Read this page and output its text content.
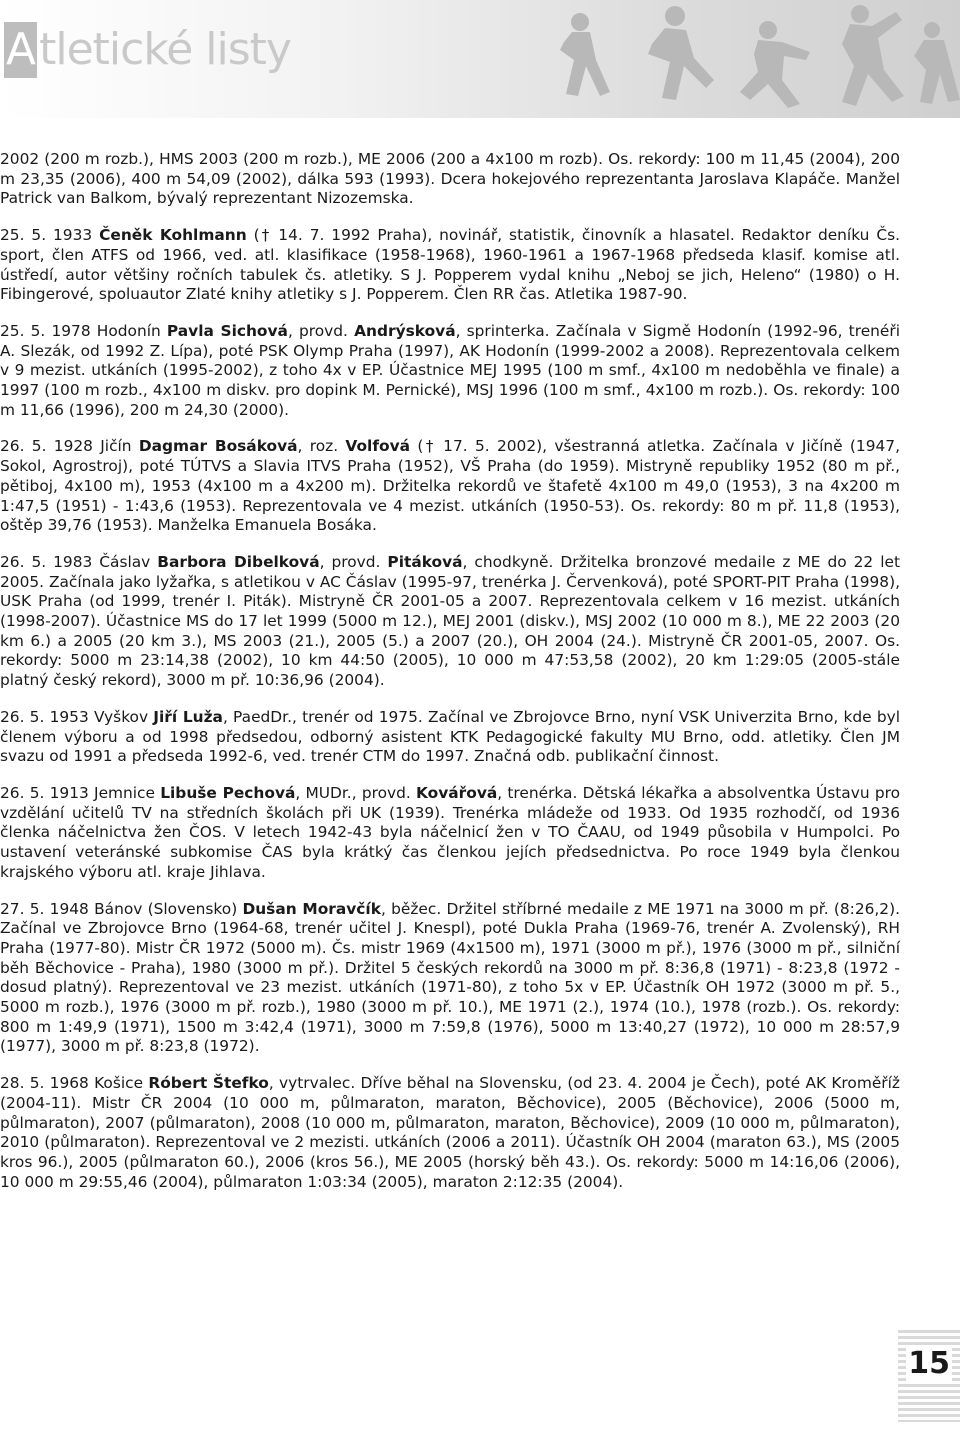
Atletické listy

2002 (200 m rozb.), HMS 2003 (200 m rozb.), ME 2006 (200 a 4x100 m rozb). Os. rekordy: 100 m 11,45 (2004), 200 m 23,35 (2006), 400 m 54,09 (2002), dálka 593 (1993). Dcera hokejového reprezentanta Jaroslava Klapáče. Manžel Patrick van Balkom, bývalý reprezentant Nizozemska.

25. 5. 1933 Čeněk Kohlmann († 14. 7. 1992 Praha), novinář, statistik, činovník a hlasatel. Redaktor deníku Čs. sport, člen ATFS od 1966, ved. atl. klasifikace (1958-1968), 1960-1961 a 1967-1968 předseda klasif. komise atl. ústředí, autor většiny ročních tabulek čs. atletiky. S J. Popperem vydal knihu „Neboj se jich, Heleno“ (1980) o H. Fibingerové, spoluautor Zlaté knihy atletiky s J. Popperem. Člen RR čas. Atletika 1987-90.

25. 5. 1978 Hodonín Pavla Sichová, provd. Andrýsková, sprinterka. Začínala v Sigmě Hodonín (1992-96, trenéři A. Slezák, od 1992 Z. Lípa), poté PSK Olymp Praha (1997), AK Hodonín (1999-2002 a 2008). Reprezentovala celkem v 9 mezist. utkáních (1995-2002), z toho 4x v EP. Účastnice MEJ 1995 (100 m smf., 4x100 m nedoběhla ve finale) a 1997 (100 m rozb., 4x100 m diskv. pro dopink M. Pernické), MSJ 1996 (100 m smf., 4x100 m rozb.). Os. rekordy: 100 m 11,66 (1996), 200 m 24,30 (2000).

26. 5. 1928 Jičín Dagmar Bosáková, roz. Volfová († 17. 5. 2002), všestranná atletka. Začínala v Jičíně (1947, Sokol, Agrostroj), poté TÚTVS a Slavia ITVS Praha (1952), VŠ Praha (do 1959). Mistryně republiky 1952 (80 m př., pětiboj, 4x100 m), 1953 (4x100 m a 4x200 m). Držitelka rekordů ve štafetě 4x100 m 49,0 (1953), 3 na 4x200 m 1:47,5 (1951) - 1:43,6 (1953). Reprezentovala ve 4 mezist. utkáních (1950-53). Os. rekordy: 80 m př. 11,8 (1953), oštěp 39,76 (1953). Manželka Emanuela Bosáka.

26. 5. 1983 Čáslav Barbora Dibelková, provd. Pitáková, chodkyně. Držitelka bronzové medaile z ME do 22 let 2005. Začínala jako lyžařka, s atletikou v AC Čáslav (1995-97, trenérka J. Červenková), poté SPORT-PIT Praha (1998), USK Praha (od 1999, trenér I. Piták). Mistryně ČR 2001-05 a 2007. Reprezentovala celkem v 16 mezist. utkáních (1998-2007). Účastnice MS do 17 let 1999 (5000 m 12.), MEJ 2001 (diskv.), MSJ 2002 (10 000 m 8.), ME 22 2003 (20 km 6.) a 2005 (20 km 3.), MS 2003 (21.), 2005 (5.) a 2007 (20.), OH 2004 (24.). Mistryně ČR 2001-05, 2007. Os. rekordy: 5000 m 23:14,38 (2002), 10 km 44:50 (2005), 10 000 m 47:53,58 (2002), 20 km 1:29:05 (2005-stále platný český rekord), 3000 m př. 10:36,96 (2004).

26. 5. 1953 Vyškov Jiří Luža, PaedDr., trenér od 1975. Začínal ve Zbrojovce Brno, nyní VSK Univerzita Brno, kde byl členem výboru a od 1998 předsedou, odborný asistent KTK Pedagogické fakulty MU Brno, odd. atletiky. Člen JM svazu od 1991 a předseda 1992-6, ved. trenér CTM do 1997. Značná odb. publikační činnost.

26. 5. 1913 Jemnice Libuše Pechová, MUDr., provd. Kovářová, trenérka. Dětská lékařka a absolventka Ústavu pro vzdělání učitelů TV na středních školách při UK (1939). Trenérka mládeže od 1933. Od 1935 rozhodčí, od 1936 členka náčelnictva žen ČOS. V letech 1942-43 byla náčelnicí žen v TO ČAAU, od 1949 působila v Humpolci. Po ustavení veteránské subkomise ČAS byla krátký čas členkou jejích předsednictva. Po roce 1949 byla členkou krajského výboru atl. kraje Jihlava.

27. 5. 1948 Bánov (Slovensko) Dušan Moravčík, běžec. Držitel stříbrné medaile z ME 1971 na 3000 m př. (8:26,2). Začínal ve Zbrojovce Brno (1964-68, trenér učitel J. Knespl), poté Dukla Praha (1969-76, trenér A. Zvolenský), RH Praha (1977-80). Mistr ČR 1972 (5000 m). Čs. mistr 1969 (4x1500 m), 1971 (3000 m př.), 1976 (3000 m př., silniční běh Běchovice - Praha), 1980 (3000 m př.). Držitel 5 českých rekordů na 3000 m př. 8:36,8 (1971) - 8:23,8 (1972 - dosud platný). Reprezentoval ve 23 mezist. utkáních (1971-80), z toho 5x v EP. Účastník OH 1972 (3000 m př. 5., 5000 m rozb.), 1976 (3000 m př. rozb.), 1980 (3000 m př. 10.), ME 1971 (2.), 1974 (10.), 1978 (rozb.). Os. rekordy: 800 m 1:49,9 (1971), 1500 m 3:42,4 (1971), 3000 m 7:59,8 (1976), 5000 m 13:40,27 (1972), 10 000 m 28:57,9 (1977), 3000 m př. 8:23,8 (1972).

28. 5. 1968 Košice Róbert Štefko, vytrvalec. Dříve běhal na Slovensku, (od 23. 4. 2004 je Čech), poté AK Kroměříž (2004-11). Mistr ČR 2004 (10 000 m, půlmaraton, maraton, Běchovice), 2005 (Běchovice), 2006 (5000 m, půlmaraton), 2007 (půlmaraton), 2008 (10 000 m, půlmaraton, maraton, Běchovice), 2009 (10 000 m, půlmaraton), 2010 (půlmaraton). Reprezentoval ve 2 mezisti. utkáních (2006 a 2011). Účastník OH 2004 (maraton 63.), MS (2005 kros 96.), 2005 (půlmaraton 60.), 2006 (kros 56.), ME 2005 (horský běh 43.). Os. rekordy: 5000 m 14:16,06 (2006), 10 000 m 29:55,46 (2004), půlmaraton 1:03:34 (2005), maraton 2:12:35 (2004).

15
